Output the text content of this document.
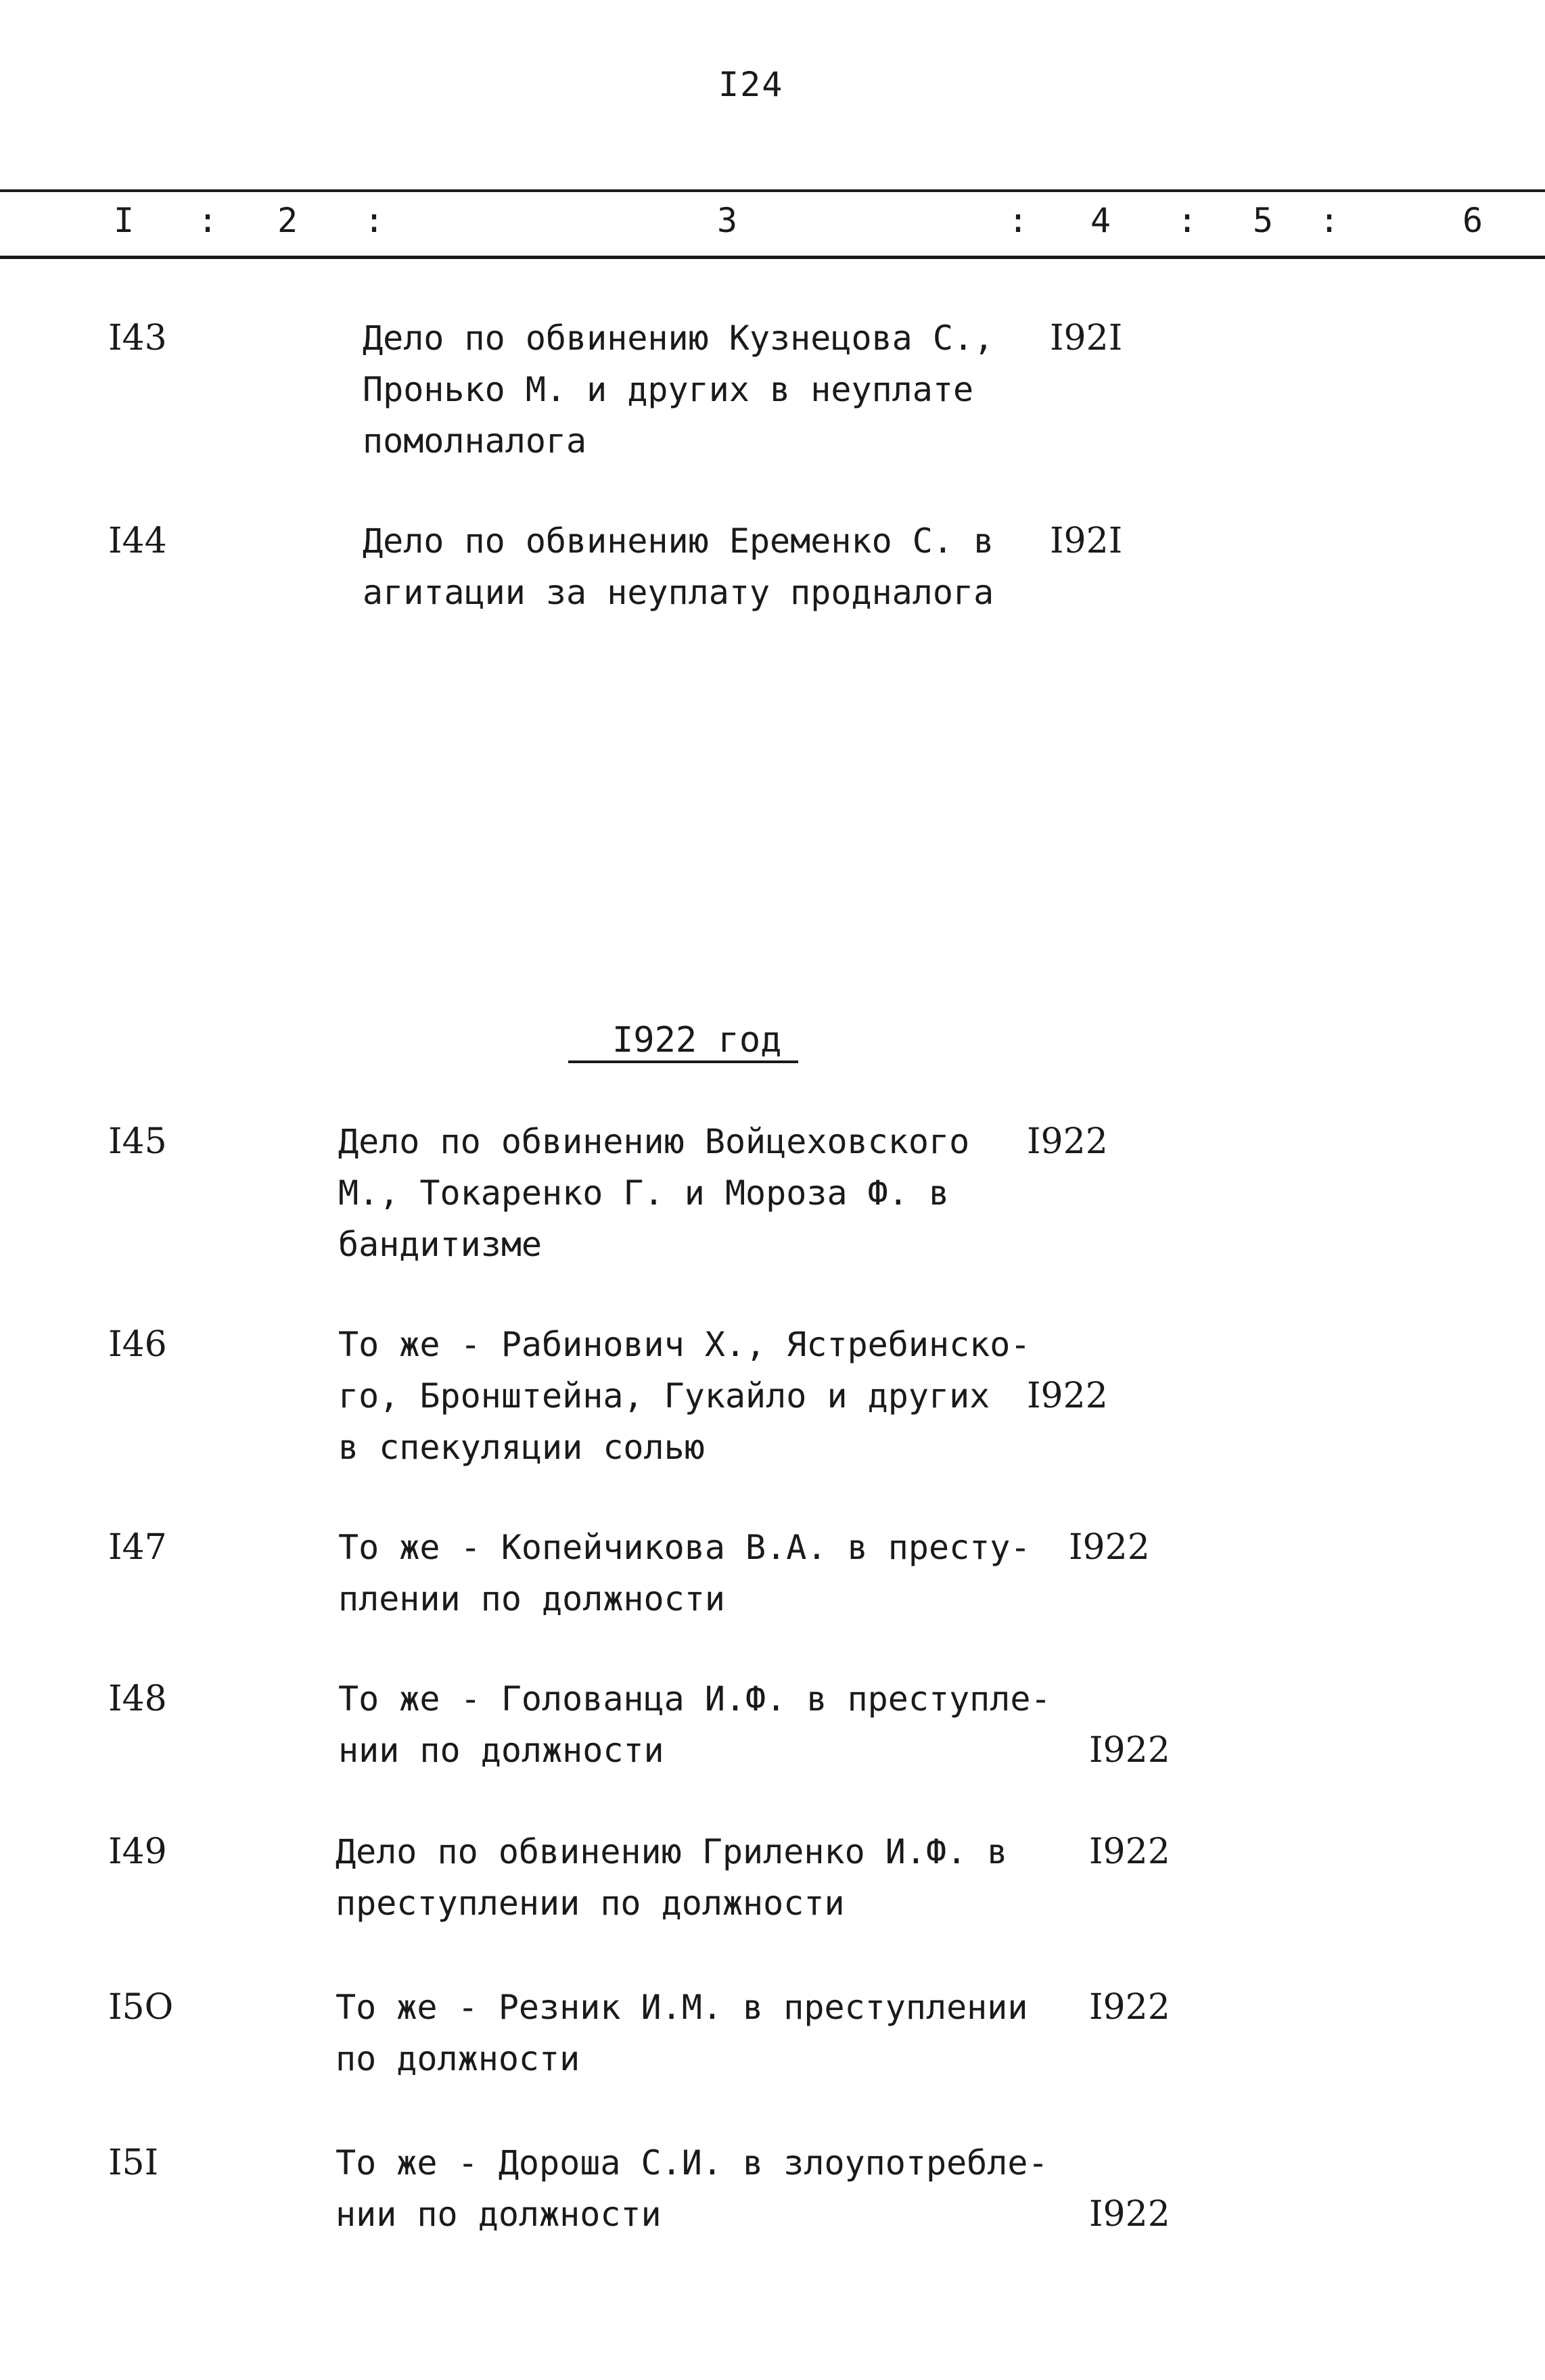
I24
I : 2 :	3	: 4 : 5 :	6
I43	Дело по обвинению Кузнецова С.,
Пронько М. и других в неуплате
помолналога
I92I
I44	Дело по обвинению Еременко С. в
агитации за неуплату продналога
I92I
I922 год
I45	Дело по обвинению Войцеховского
М., Токаренко Г. и Мороза Ф. в
бандитизме
I922
I46	То же - Рабинович Х., Ястребинско-
го, Бронштейна, Гукайло и других
в спекуляции солью
I922
I47	То же - Копейчикова В.А. в престу-
плении по должности
I922
I48	То же - Голованца И.Ф. в преступле-
нии по должности	I922
I49	Дело по обвинению Гриленко И.Ф. в
преступлении по должности
I922
I5O	То же - Резник И.М. в преступлении
по должности
I922
I5I	То же - Дороша С.И. в злоупотребле-
нии по должности	I922
